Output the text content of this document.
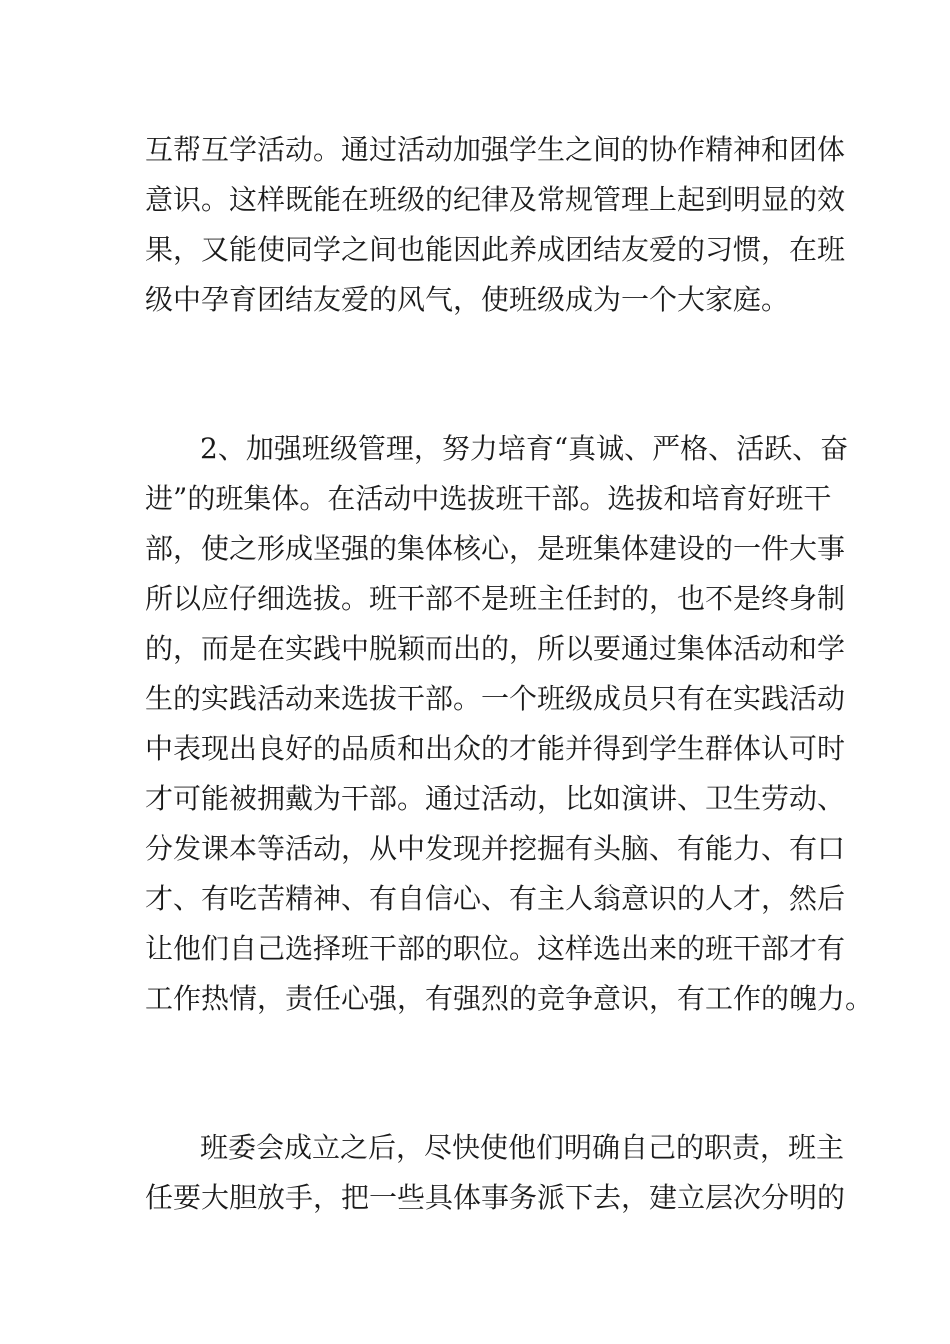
互帮互学活动。通过活动加强学生之间的协作精神和团体
意识。这样既能在班级的纪律及常规管理上起到明显的效
果，又能使同学之间也能因此养成团结友爱的习惯，在班
级中孕育团结友爱的风气，使班级成为一个大家庭。
2、加强班级管理，努力培育“真诚、严格、活跃、奋
进”的班集体。在活动中选拔班干部。选拔和培育好班干
部，使之形成坚强的集体核心，是班集体建设的一件大事
所以应仔细选拔。班干部不是班主任封的，也不是终身制
的，而是在实践中脱颖而出的，所以要通过集体活动和学
生的实践活动来选拔干部。一个班级成员只有在实践活动
中表现出良好的品质和出众的才能并得到学生群体认可时
才可能被拥戴为干部。通过活动，比如演讲、卫生劳动、
分发课本等活动，从中发现并挖掘有头脑、有能力、有口
才、有吃苦精神、有自信心、有主人翁意识的人才，然后
让他们自己选择班干部的职位。这样选出来的班干部才有
工作热情，责任心强，有强烈的竞争意识，有工作的魄力。
班委会成立之后，尽快使他们明确自己的职责，班主
任要大胆放手，把一些具体事务派下去，建立层次分明的
